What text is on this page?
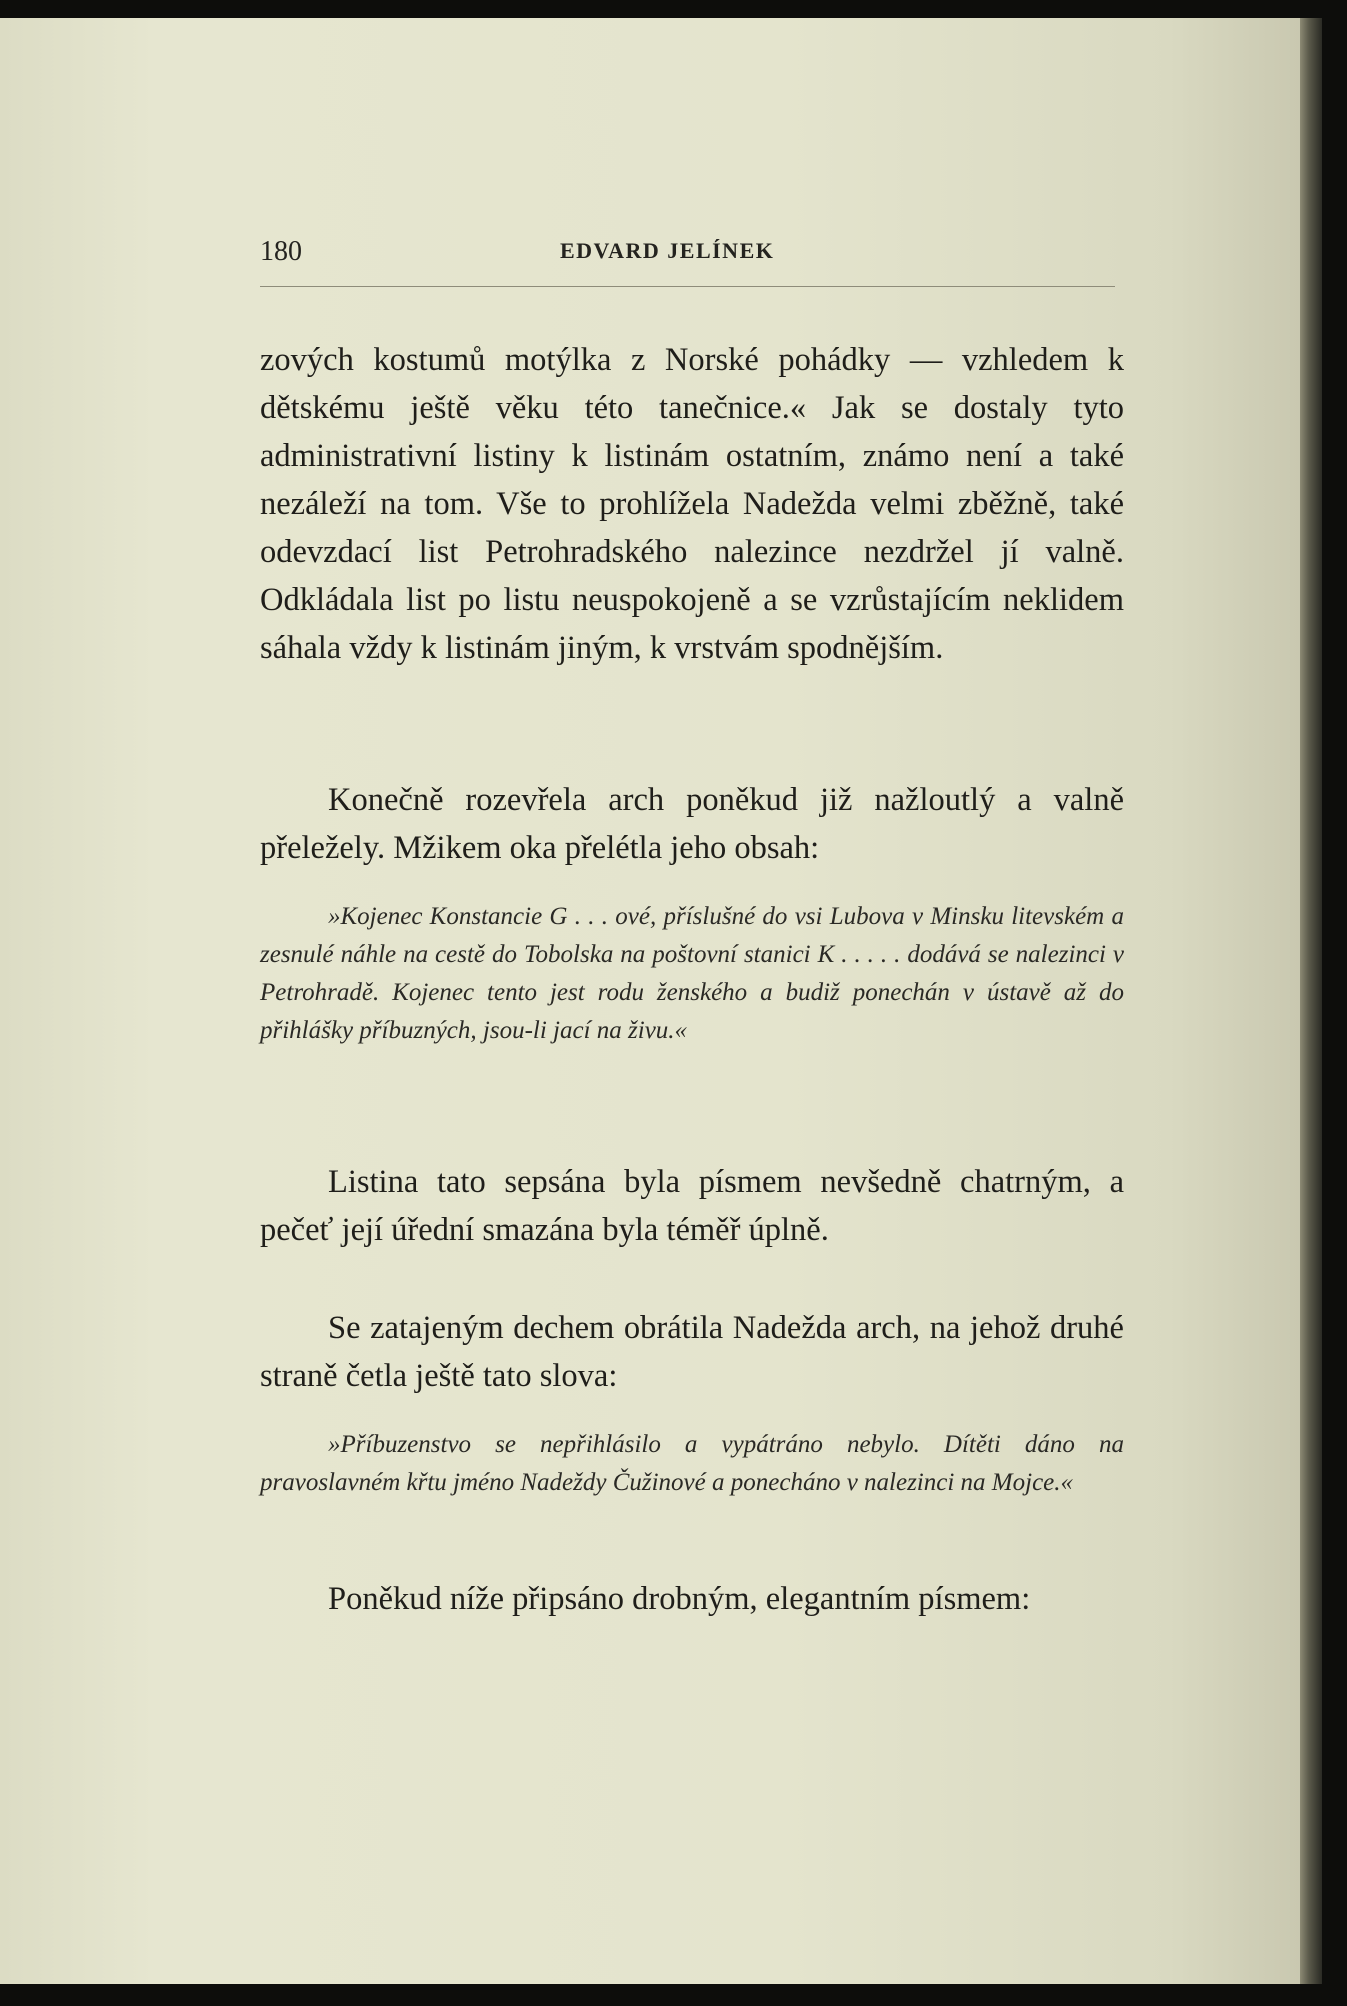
180	EDVARD JELÍNEK

zových kostumů motýlka z Norské pohádky — vzhledem k dětskému ještě věku této tanečnice.« Jak se dostaly tyto administrativní listiny k listinám ostatním, známo není a také nezáleží na tom. Vše to prohlížela Nadežda velmi zběžně, také odevzdací list Petrohradského nalezince nezdržel jí valně. Odkládala list po listu neuspokojeně a se vzrůstajícím neklidem sáhala vždy k listinám jiným, k vrstvám spodnějším.

Konečně rozevřela arch poněkud již nažloutlý a valně přeležely. Mžikem oka přelétla jeho obsah:

»Kojenec Konstancie G . . . ové, příslušné do vsi Lubova v Minsku litevském a zesnulé náhle na cestě do Tobolska na poštovní stanici K . . . . . dodává se nalezinci v Petrohradě. Kojenec tento jest rodu ženského a budiž ponechán v ústavě až do přihlášky příbuzných, jsou-li jací na živu.«

Listina tato sepsána byla písmem nevšedně chatrným, a pečeť její úřední smazána byla téměř úplně.

Se zatajeným dechem obrátila Nadežda arch, na jehož druhé straně četla ještě tato slova:

»Příbuzenstvo se nepřihlásilo a vypátráno nebylo. Dítěti dáno na pravoslavném křtu jméno Nadeždy Čužinové a ponecháno v nalezinci na Mojce.«

Poněkud níže připsáno drobným, elegantním písmem:
